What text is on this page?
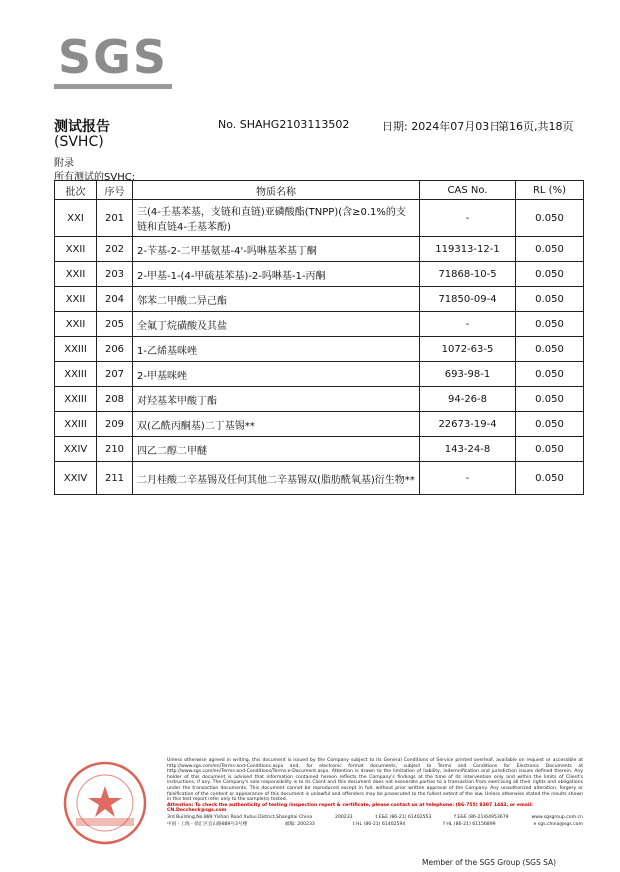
SGS
测试报告	No. SHAHG2103113502	日期: 2024年07月03日
第16页,共18页
(SVHC)
附录
所有测试的SVHC:
批次	序号	物质名称	CAS No.	RL (%)
XXI	201	三(4-壬基苯基，支链和直链)亚磷酸酯(TNPP)(含≥0.1%的支链和直链4-壬基苯酚)	-	0.050
XXII	202	2-苄基-2-二甲基氨基-4'-吗啉基苯基丁酮	119313-12-1	0.050
XXII	203	2-甲基-1-(4-甲硫基苯基)-2-吗啉基-1-丙酮	71868-10-5	0.050
XXII	204	邻苯二甲酸二异己酯	71850-09-4	0.050
XXII	205	全氟丁烷磺酸及其盐	-	0.050
XXIII	206	1-乙烯基咪唑	1072-63-5	0.050
XXIII	207	2-甲基咪唑	693-98-1	0.050
XXIII	208	对羟基苯甲酸丁酯	94-26-8	0.050
XXIII	209	双(乙酰丙酮基)二丁基锡**	22673-19-4	0.050
XXIV	210	四乙二醇二甲醚	143-24-8	0.050
XXIV	211	二月桂酸二辛基锡及任何其他二辛基锡双(脂肪酰氧基)衍生物**	-	0.050
Unless otherwise agreed in writing, this document is issued by the Company subject to its General Conditions of Service printed overleaf, available on request or accessible at http://www.sgs.com/en/Terms-and-Conditions.aspx and, for electronic format documents, subject to Terms and Conditions for Electronic Documents at http://www.sgs.com/en/Terms-and-Conditions/Terms-e-Document.aspx. Attention is drawn to the limitation of liability, indemnification and jurisdiction issues defined therein. Any holder of this document is advised that information contained hereon reflects the Company's findings at the time of its intervention only and within the limits of Client's instructions, if any. The Company's sole responsibility is to its Client and this document does not exonerate parties to a transaction from exercising all their rights and obligations under the transaction documents. This document cannot be reproduced except in full, without prior written approval of the Company. Any unauthorized alteration, forgery or falsification of the content or appearance of this document is unlawful and offenders may be prosecuted to the fullest extent of the law. Unless otherwise stated the results shown in this test report refer only to the sample(s) tested.
Attention: To check the authenticity of testing /inspection report & certificate, please contact us at telephone: (86-755) 8307 1443, or email: CN.Doccheck@sgs.com
3rd Building,No.889 Yishan Road Xuhui District,Shanghai China	200233	t E&E (86-21) 61402553	f E&E (86-21)64953679	www.sgsgroup.com.cn
中国 · 上海 · 徐汇区宜山路889号3号楼	邮编: 200233	t HL (86-21) 61402594	f HL (86-21) 61156899	e sgs.china@sgs.com
Member of the SGS Group (SGS SA)
